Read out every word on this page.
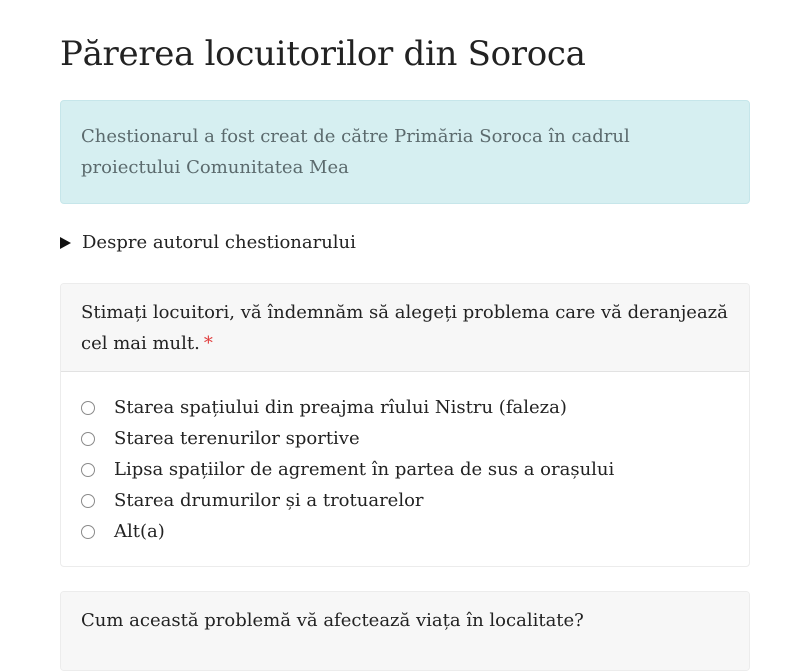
Părerea locuitorilor din Soroca
Chestionarul a fost creat de către Primăria Soroca în cadrul proiectului Comunitatea Mea
Despre autorul chestionarului
Stimați locuitori, vă îndemnăm să alegeți problema care vă deranjează cel mai mult. *
Starea spațiului din preajma rîului Nistru (faleza)
Starea terenurilor sportive
Lipsa spațiilor de agrement în partea de sus a orașului
Starea drumurilor și a trotuarelor
Alt(a)
Cum această problemă vă afectează viața în localitate?
